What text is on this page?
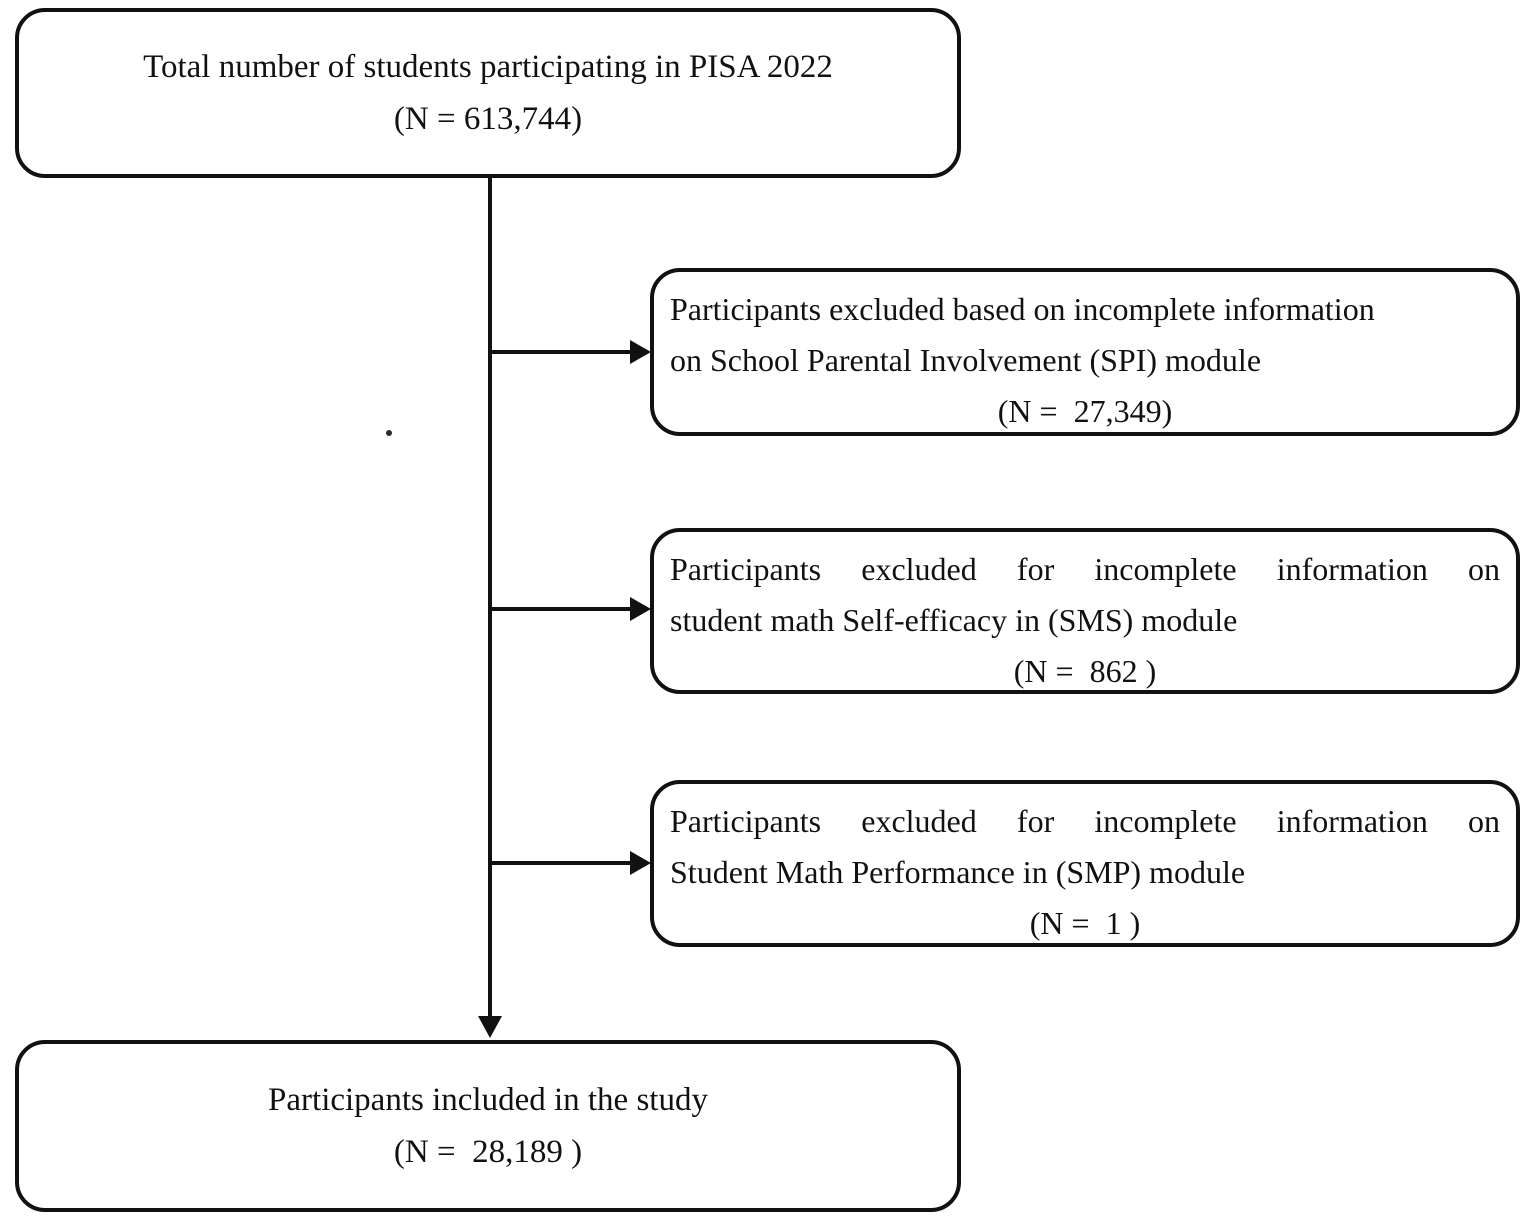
Total number of students participating in PISA 2022
(N = 613,744)
Participants excluded based on incomplete information
on School Parental Involvement (SPI) module
(N =  27,349)
Participants excluded for incomplete information on
student math Self-efficacy in (SMS) module
(N =  862 )
Participants excluded for incomplete information on
Student Math Performance in (SMP) module
(N =  1 )
Participants included in the study
(N =  28,189 )
